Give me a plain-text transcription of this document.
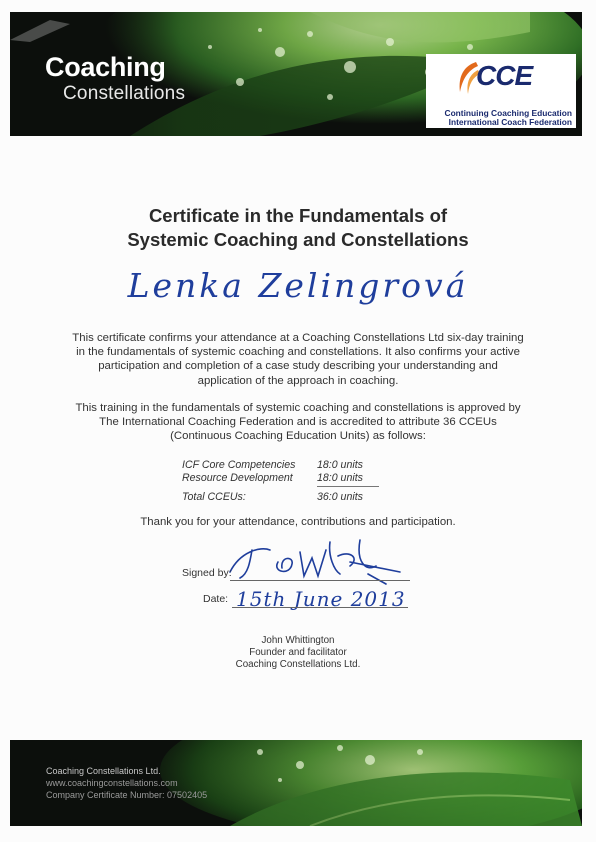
Coaching
Constellations
CCE
Continuing Coaching Education
International Coach Federation
Certificate in the Fundamentals of
Systemic Coaching and Constellations
Lenka Zelingrová
This certificate confirms your attendance at a Coaching Constellations Ltd six-day training in the fundamentals of systemic coaching and constellations. It also confirms your active participation and completion of a case study describing your understanding and application of the approach in coaching.
This training in the fundamentals of systemic coaching and constellations is approved by The International Coaching Federation and is accredited to attribute 36 CCEUs (Continuous Coaching Education Units) as follows:
ICF Core Competencies 18:0 units
Resource Development 18:0 units
Total CCEUs:	36:0 units
Thank you for your attendance, contributions and participation.
Signed by:
Date: 15th June 2013
John Whittington
Founder and facilitator
Coaching Constellations Ltd.
Coaching Constellations Ltd.
www.coachingconstellations.com
Company Certificate Number: 07502405
